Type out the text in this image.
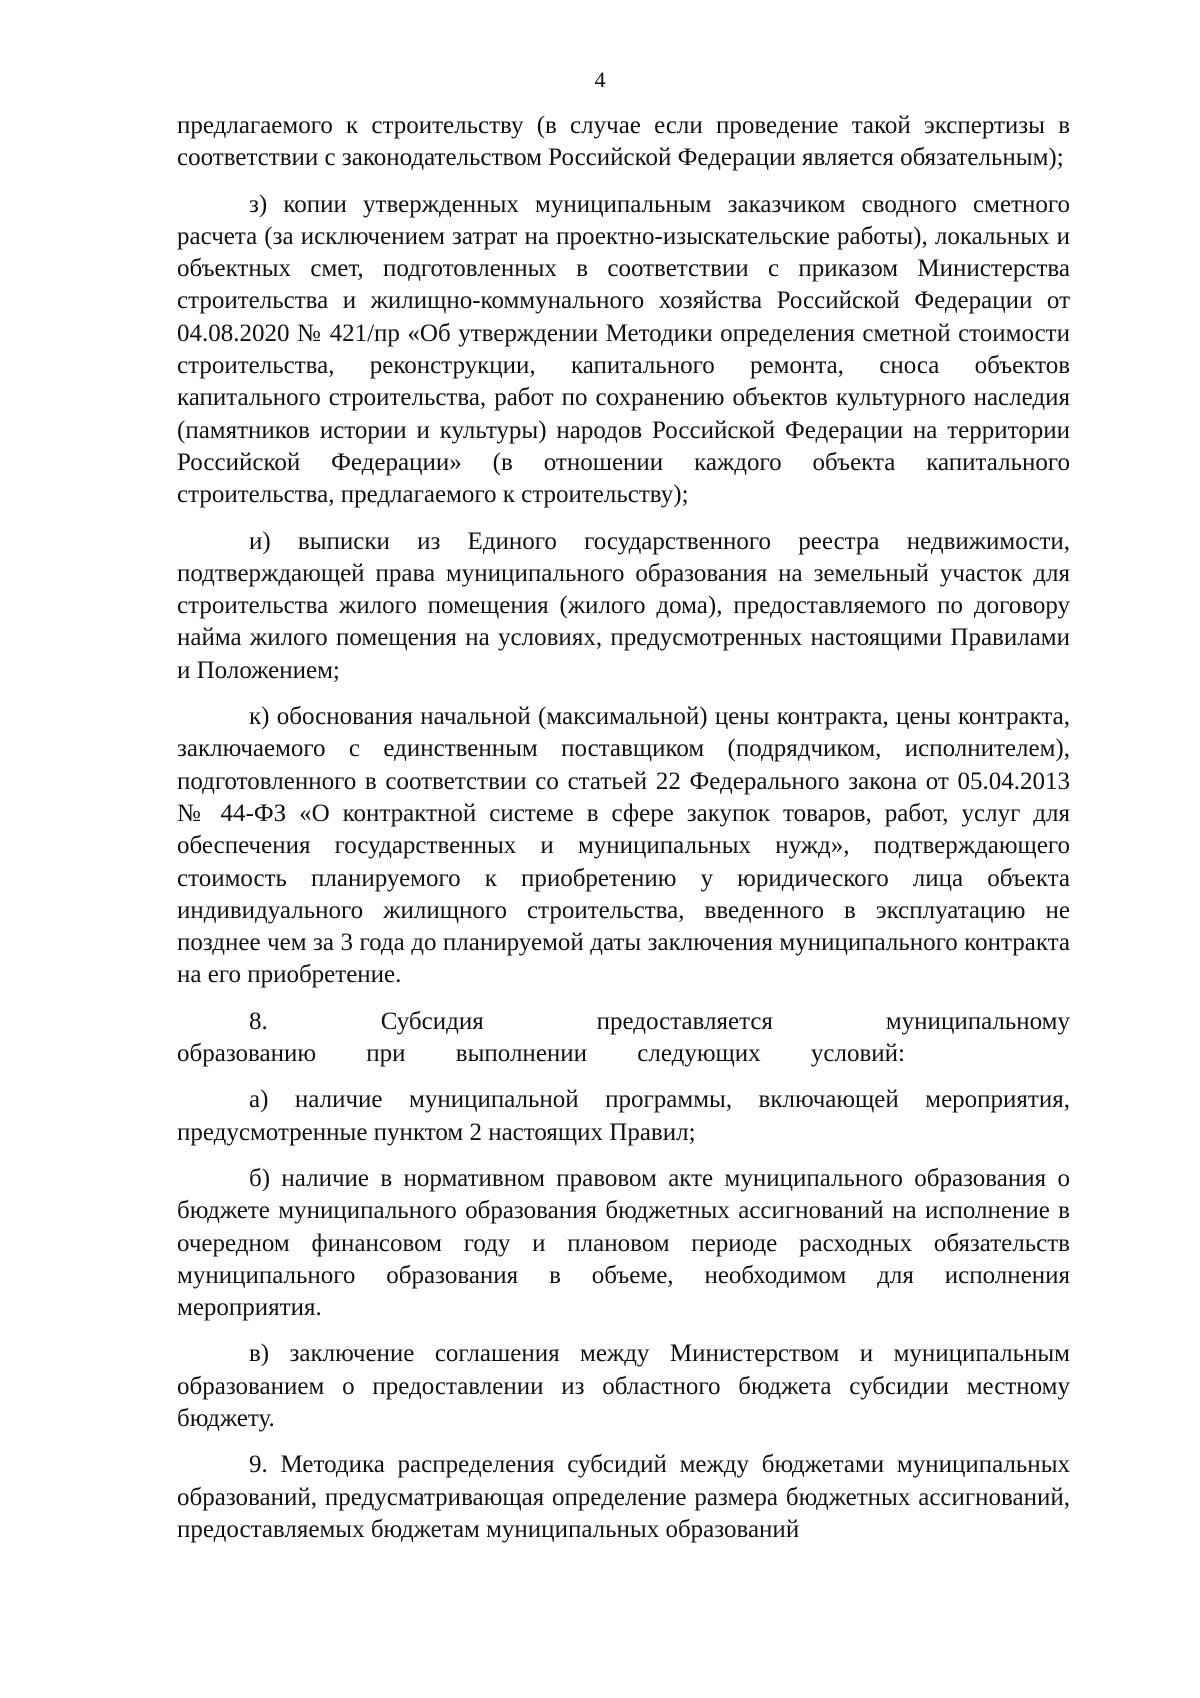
4

предлагаемого к строительству (в случае если проведение такой экспертизы в соответствии с законодательством Российской Федерации является обязательным);

з) копии утвержденных муниципальным заказчиком сводного сметного расчета (за исключением затрат на проектно-изыскательские работы), локальных и объектных смет, подготовленных в соответствии с приказом Министерства строительства и жилищно-коммунального хозяйства Российской Федерации от 04.08.2020 № 421/пр «Об утверждении Методики определения сметной стоимости строительства, реконструкции, капитального ремонта, сноса объектов капитального строительства, работ по сохранению объектов культурного наследия (памятников истории и культуры) народов Российской Федерации на территории Российской Федерации» (в отношении каждого объекта капитального строительства, предлагаемого к строительству);

и) выписки из Единого государственного реестра недвижимости, подтверждающей права муниципального образования на земельный участок для строительства жилого помещения (жилого дома), предоставляемого по договору найма жилого помещения на условиях, предусмотренных настоящими Правилами и Положением;

к) обоснования начальной (максимальной) цены контракта, цены контракта, заключаемого с единственным поставщиком (подрядчиком, исполнителем), подготовленного в соответствии со статьей 22 Федерального закона от 05.04.2013 № 44-ФЗ «О контрактной системе в сфере закупок товаров, работ, услуг для обеспечения государственных и муниципальных нужд», подтверждающего стоимость планируемого к приобретению у юридического лица объекта индивидуального жилищного строительства, введенного в эксплуатацию не позднее чем за 3 года до планируемой даты заключения муниципального контракта на его приобретение.

8. Субсидия предоставляется муниципальному образованию при выполнении следующих условий:

а) наличие муниципальной программы, включающей мероприятия, предусмотренные пунктом 2 настоящих Правил;

б) наличие в нормативном правовом акте муниципального образования о бюджете муниципального образования бюджетных ассигнований на исполнение в очередном финансовом году и плановом периоде расходных обязательств муниципального образования в объеме, необходимом для исполнения мероприятия.

в) заключение соглашения между Министерством и муниципальным образованием о предоставлении из областного бюджета субсидии местному бюджету.

9. Методика распределения субсидий между бюджетами муниципальных образований, предусматривающая определение размера бюджетных ассигнований, предоставляемых бюджетам муниципальных образований
